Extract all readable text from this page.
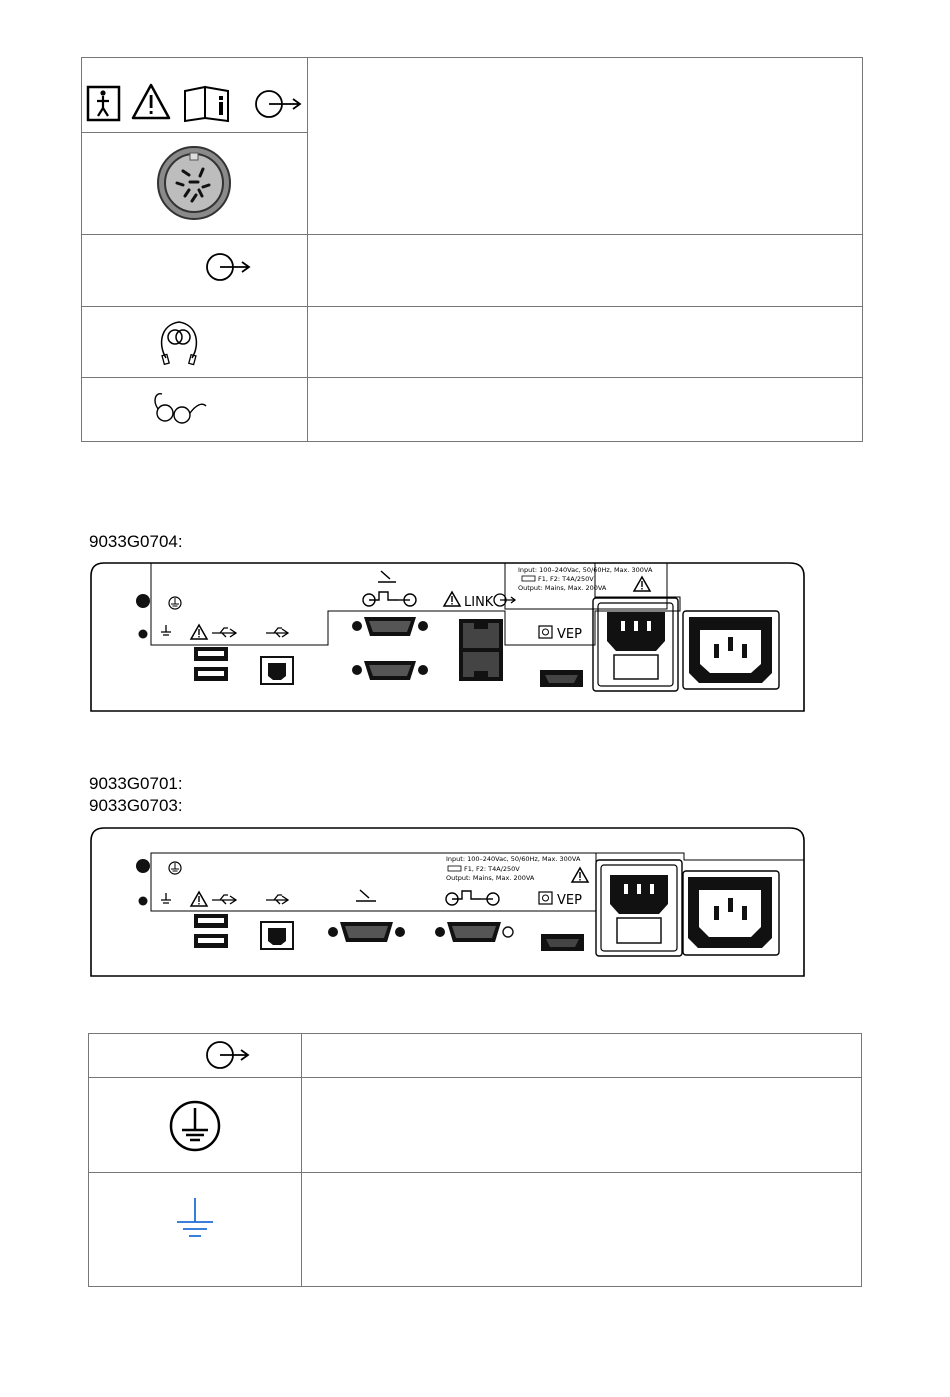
9033G0704:
LINK
VEP
Input: 100–240Vac, 50/60Hz, Max. 300VA
F1, F2: T4A/250V
Output: Mains, Max. 200VA
9033G0701:
9033G0703:
VEP
Input: 100–240Vac, 50/60Hz, Max. 300VA
F1, F2: T4A/250V
Output: Mains, Max. 200VA
